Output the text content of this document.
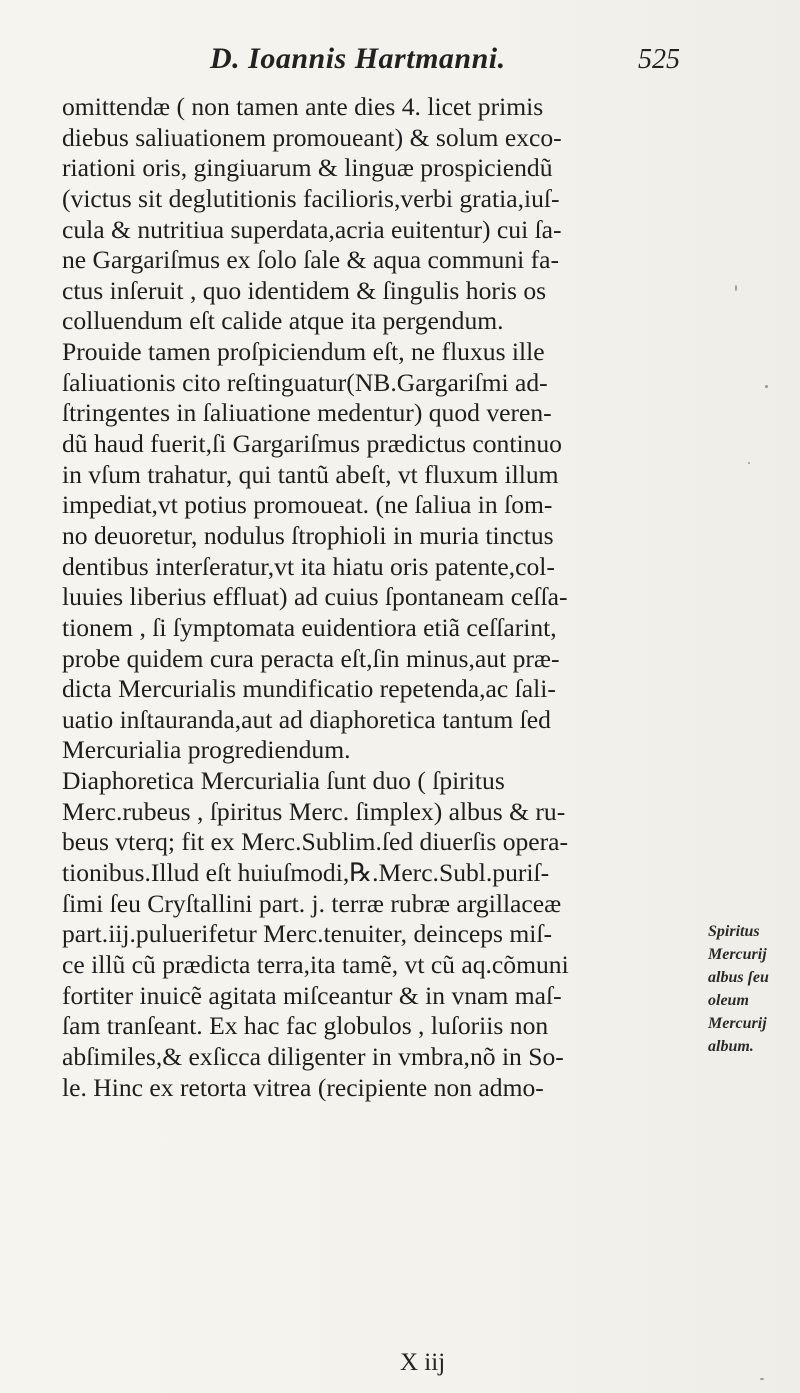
D. Ioannis Hartmanni.	525
omittendæ ( non tamen ante dies 4. licet primis
diebus saliuationem promoueant) & solum exco-
riationi oris, gingiuarum & linguæ prospiciendũ
(victus sit deglutitionis facilioris,verbi gratia,iuſ-
cula & nutritiua superdata,acria euitentur) cui ſa-
ne Gargariſmus ex ſolo ſale & aqua communi fa-
ctus inſeruit , quo identidem & ſingulis horis os
colluendum eſt calide atque ita pergendum.
Prouide tamen proſpiciendum eſt, ne fluxus ille
ſaliuationis cito reſtinguatur(NB.Gargariſmi ad-
ſtringentes in ſaliuatione medentur) quod veren-
dũ haud fuerit,ſi Gargariſmus prædictus continuo
in vſum trahatur, qui tantũ abeſt, vt fluxum illum
impediat,vt potius promoueat. (ne ſaliua in ſom-
no deuoretur, nodulus ſtrophioli in muria tinctus
dentibus interſeratur,vt ita hiatu oris patente,col-
luuies liberius effluat) ad cuius ſpontaneam ceſſa-
tionem , ſi ſymptomata euidentiora etiã ceſſarint,
probe quidem cura peracta eſt,ſin minus,aut præ-
dicta Mercurialis mundificatio repetenda,ac ſali-
uatio inſtauranda,aut ad diaphoretica tantum ſed
Mercurialia progrediendum.
Diaphoretica Mercurialia ſunt duo ( ſpiritus
Merc.rubeus , ſpiritus Merc. ſimplex) albus & ru-
beus vterq; fit ex Merc.Sublim.ſed diuerſis opera-
tionibus.Illud eſt huiuſmodi,℞.Merc.Subl.puriſ-
ſimi ſeu Cryſtallini part. j. terræ rubræ argillaceæ
part.iij.puluerifetur Merc.tenuiter, deinceps miſ-
ce illũ cũ prædicta terra,ita tamẽ, vt cũ aq.cõmuni
fortiter inuicẽ agitata miſceantur & in vnam maſ-
ſam tranſeant. Ex hac fac globulos , luſoriis non
abſimiles,& exſicca diligenter in vmbra,nõ in So-
le. Hinc ex retorta vitrea (recipiente non admo-
Spiritus
Mercurij
albus ſeu
oleum
Mercurij
album.
X iij
